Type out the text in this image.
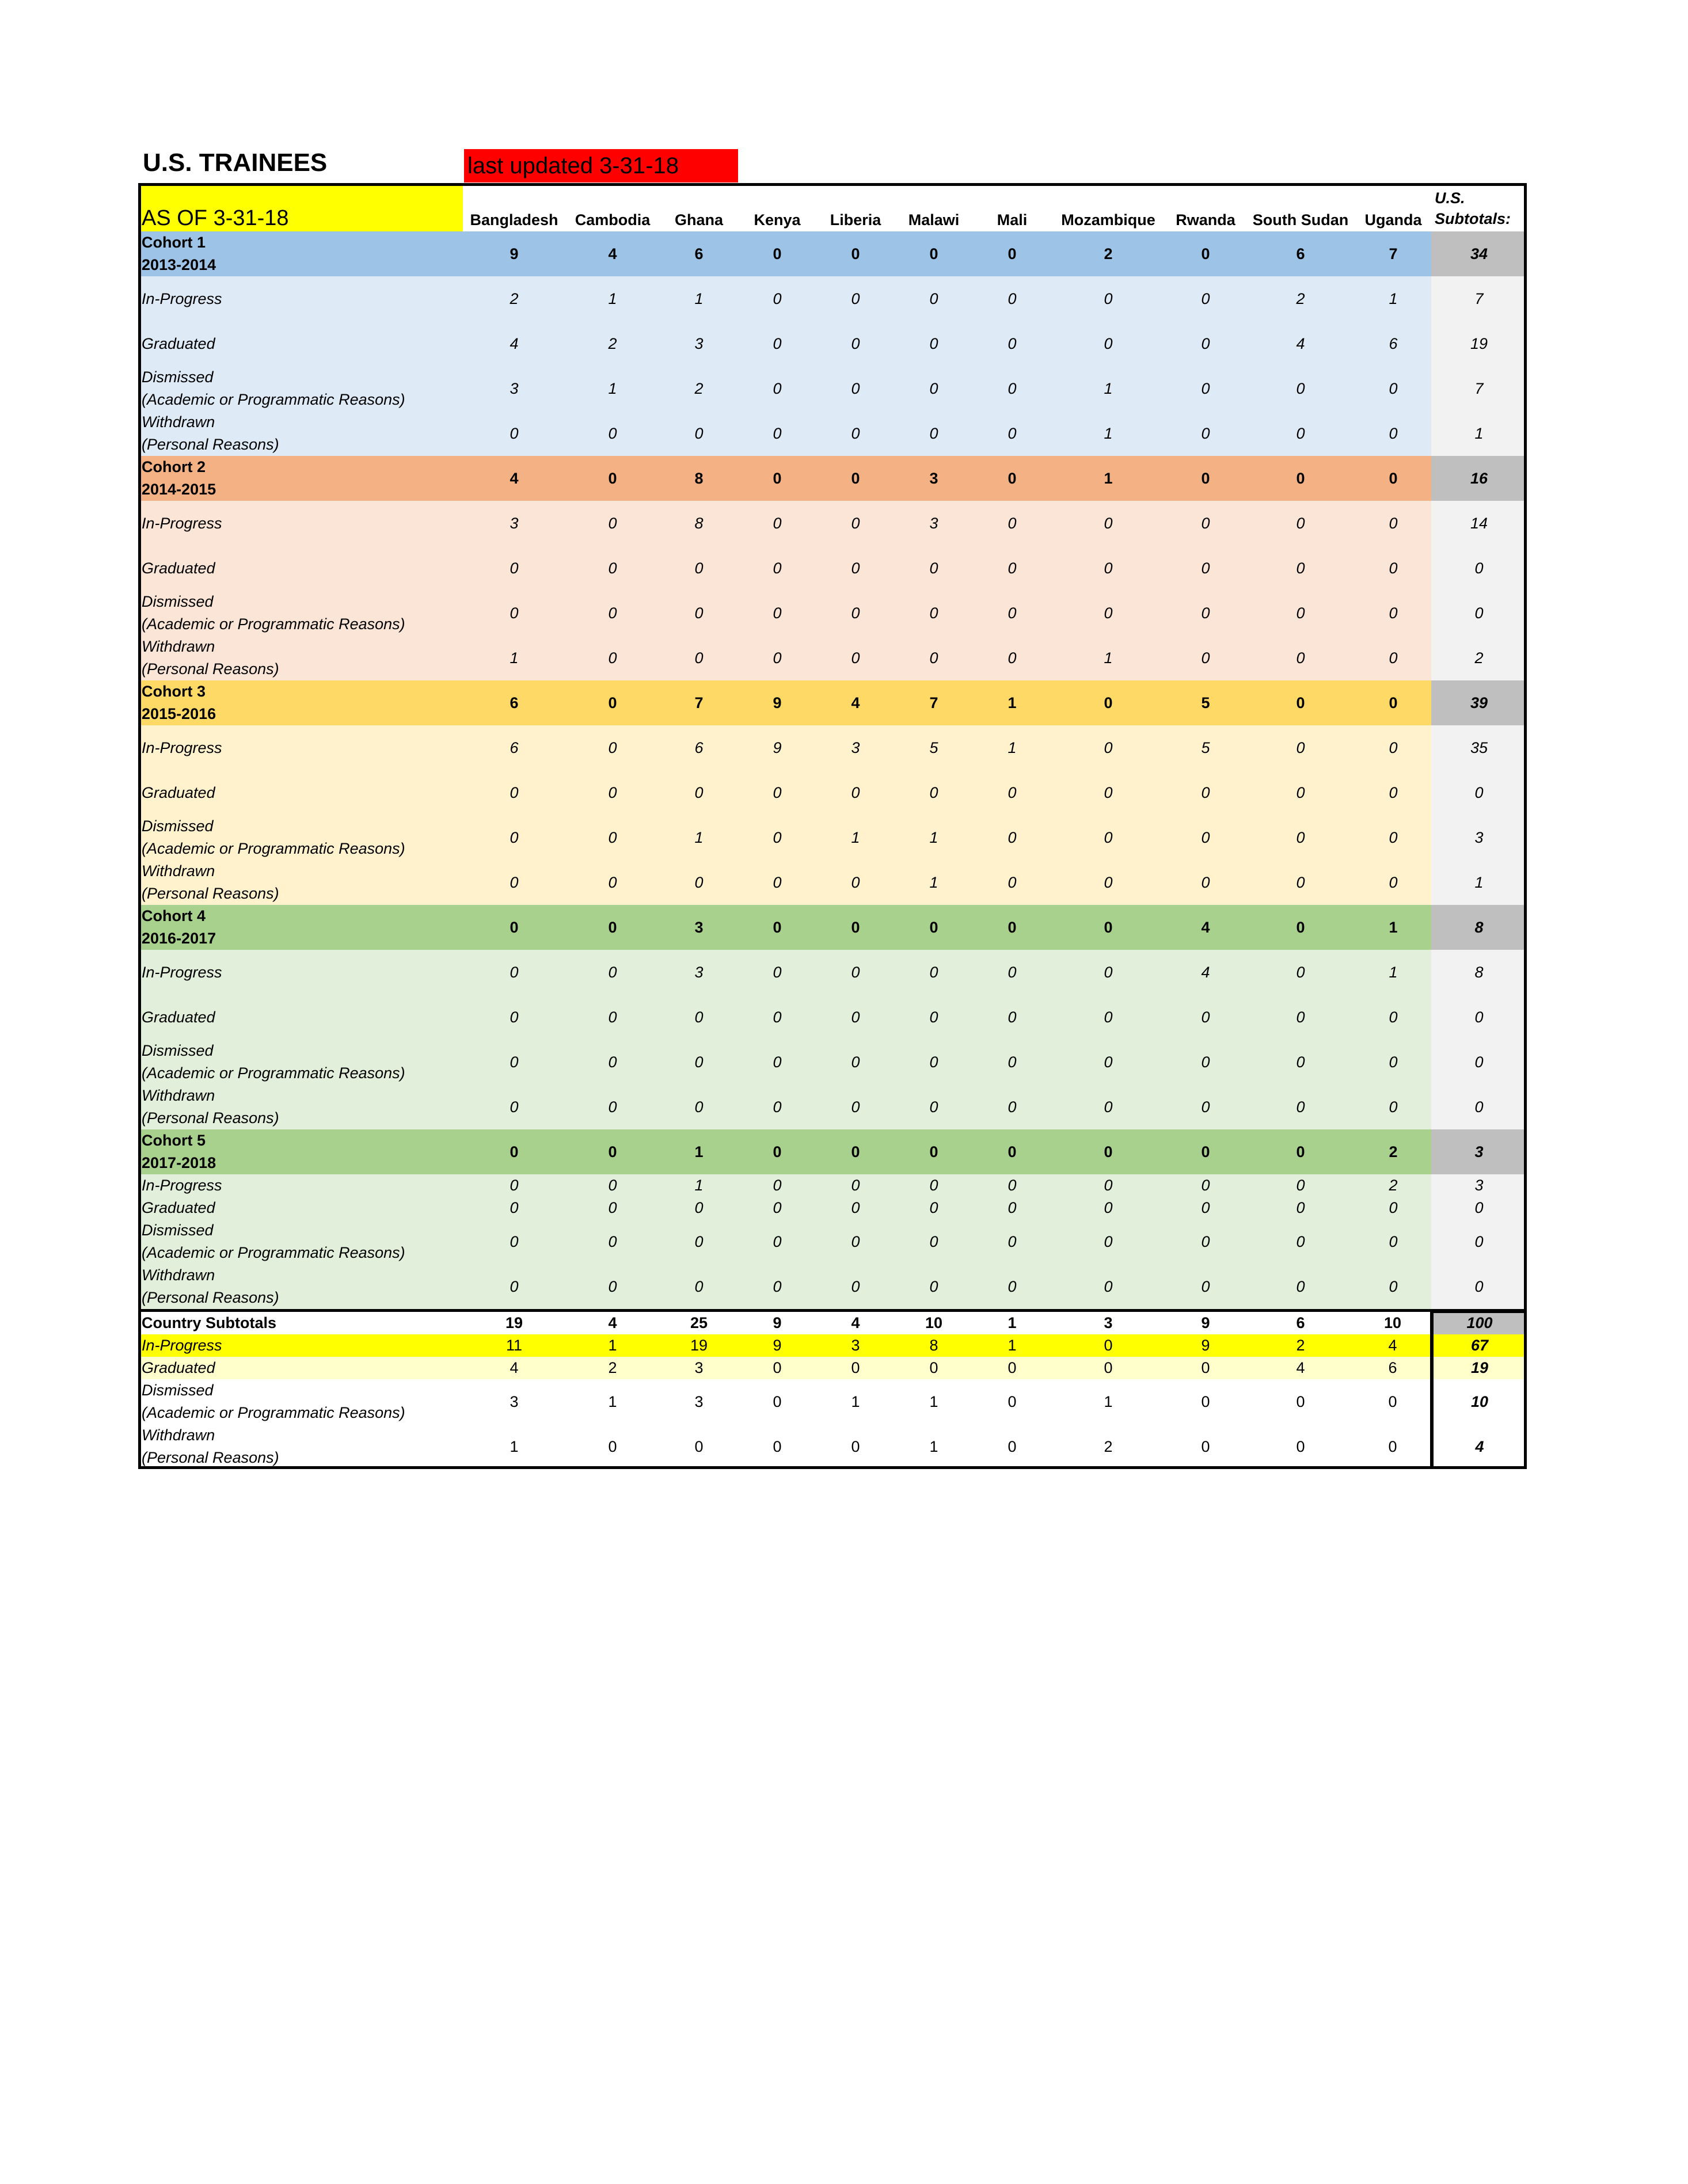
U.S. TRAINEES	last updated 3-31-18
AS OF 3-31-18	Bangladesh	Cambodia	Ghana	Kenya	Liberia	Malawi	Mali	Mozambique	Rwanda	South Sudan	Uganda	U.S. Subtotals:
Cohort 1
2013-2014	9	4	6	0	0	0	0	2	0	6	7	34
In-Progress	2	1	1	0	0	0	0	0	0	2	1	7
Graduated	4	2	3	0	0	0	0	0	0	4	6	19
Dismissed
(Academic or Programmatic Reasons)	3	1	2	0	0	0	0	1	0	0	0	7
Withdrawn
(Personal Reasons)	0	0	0	0	0	0	0	1	0	0	0	1
Cohort 2
2014-2015	4	0	8	0	0	3	0	1	0	0	0	16
In-Progress	3	0	8	0	0	3	0	0	0	0	0	14
Graduated	0	0	0	0	0	0	0	0	0	0	0	0
Dismissed
(Academic or Programmatic Reasons)	0	0	0	0	0	0	0	0	0	0	0	0
Withdrawn
(Personal Reasons)	1	0	0	0	0	0	0	1	0	0	0	2
Cohort 3
2015-2016	6	0	7	9	4	7	1	0	5	0	0	39
In-Progress	6	0	6	9	3	5	1	0	5	0	0	35
Graduated	0	0	0	0	0	0	0	0	0	0	0	0
Dismissed
(Academic or Programmatic Reasons)	0	0	1	0	1	1	0	0	0	0	0	3
Withdrawn
(Personal Reasons)	0	0	0	0	0	1	0	0	0	0	0	1
Cohort 4
2016-2017	0	0	3	0	0	0	0	0	4	0	1	8
In-Progress	0	0	3	0	0	0	0	0	4	0	1	8
Graduated	0	0	0	0	0	0	0	0	0	0	0	0
Dismissed
(Academic or Programmatic Reasons)	0	0	0	0	0	0	0	0	0	0	0	0
Withdrawn
(Personal Reasons)	0	0	0	0	0	0	0	0	0	0	0	0
Cohort 5
2017-2018	0	0	1	0	0	0	0	0	0	0	2	3
In-Progress	0	0	1	0	0	0	0	0	0	0	2	3
Graduated	0	0	0	0	0	0	0	0	0	0	0	0
Dismissed
(Academic or Programmatic Reasons)	0	0	0	0	0	0	0	0	0	0	0	0
Withdrawn
(Personal Reasons)	0	0	0	0	0	0	0	0	0	0	0	0
Country Subtotals	19	4	25	9	4	10	1	3	9	6	10	100
In-Progress	11	1	19	9	3	8	1	0	9	2	4	67
Graduated	4	2	3	0	0	0	0	0	0	4	6	19
Dismissed
(Academic or Programmatic Reasons)	3	1	3	0	1	1	0	1	0	0	0	10
Withdrawn
(Personal Reasons)	1	0	0	0	0	1	0	2	0	0	0	4
